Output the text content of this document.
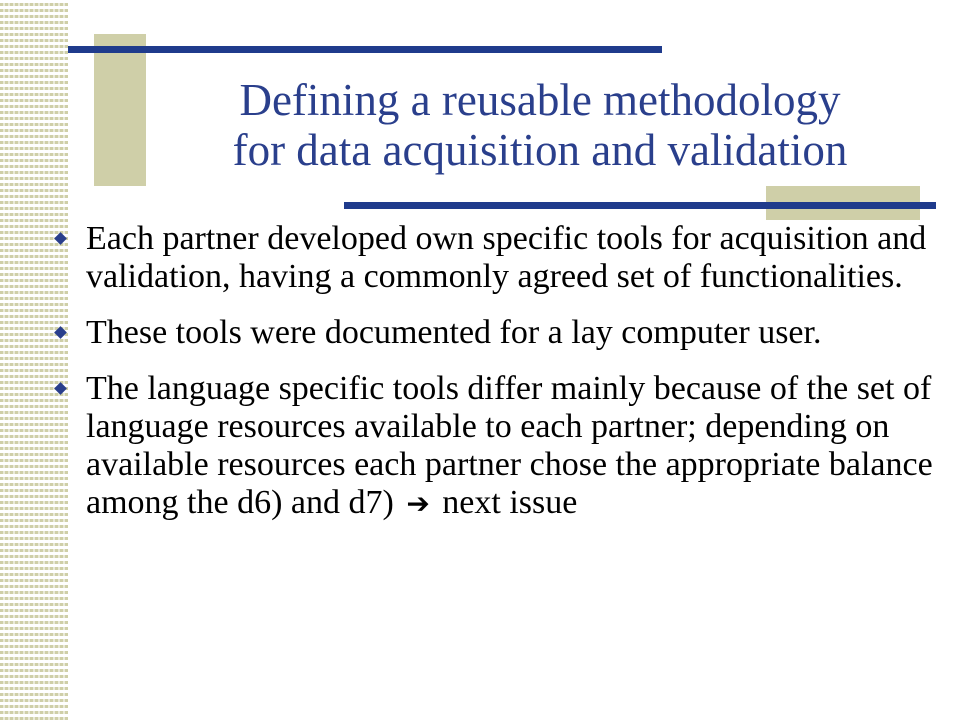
Defining a reusable methodology
for data acquisition and validation
Each partner developed own specific tools for acquisition and validation, having a commonly agreed set of functionalities.
These tools were documented for a lay computer user.
The language specific tools differ mainly because of the set of language resources available to each partner; depending on available resources each partner chose the appropriate balance among the d6) and d7) ➔ next issue
